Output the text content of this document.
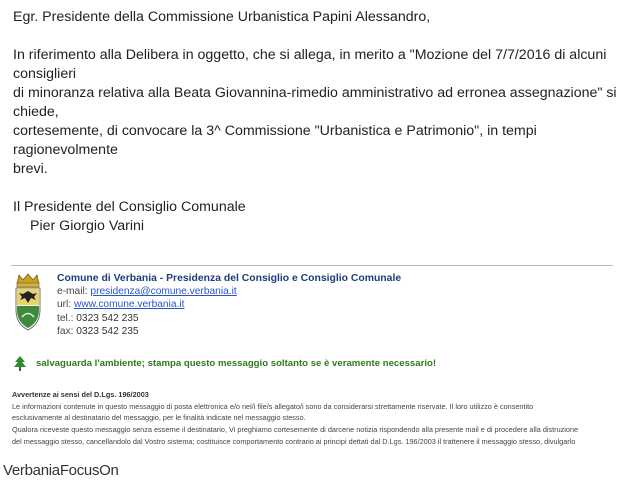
Egr. Presidente della Commissione Urbanistica Papini Alessandro,

In riferimento alla Delibera in oggetto, che si allega, in merito a "Mozione del 7/7/2016 di alcuni

consiglieri

di minoranza relativa alla Beata Giovannina-rimedio amministrativo ad erronea assegnazione" si

chiede,

cortesemente, di convocare la 3^ Commissione "Urbanistica e Patrimonio", in tempi ragionevolmente

brevi.

Il Presidente del Consiglio Comunale

Pier Giorgio Varini

Comune di Verbania - Presidenza del Consiglio e Consiglio Comunale
e-mail: presidenza@comune.verbania.it
url: www.comune.verbania.it
tel.: 0323 542 235
fax: 0323 542 235
salvaguarda l'ambiente; stampa questo messaggio soltanto se è veramente necessario!
Avvertenze ai sensi del D.Lgs. 196/2003
Le informazioni contenute in questo messaggio di posta elettronica e/o nel/i file/s allegato/i sono da considerarsi strettamente riservate. Il loro utilizzo è consentito
esclusivamente al destinatario del messaggio, per le finalità indicate nel messaggio stesso.
Qualora riceveste questo messaggio senza esserne il destinatario, Vi preghiamo cortesemente di darcene notizia rispondendo alla presente mail e di procedere alla distruzione
del messaggio stesso, cancellandolo dal Vostro sistema; costituisce comportamento contrario ai principi dettati dal D.Lgs. 196/2003 il trattenere il messaggio stesso, divulgarlo
VerbaniaFocusOn
